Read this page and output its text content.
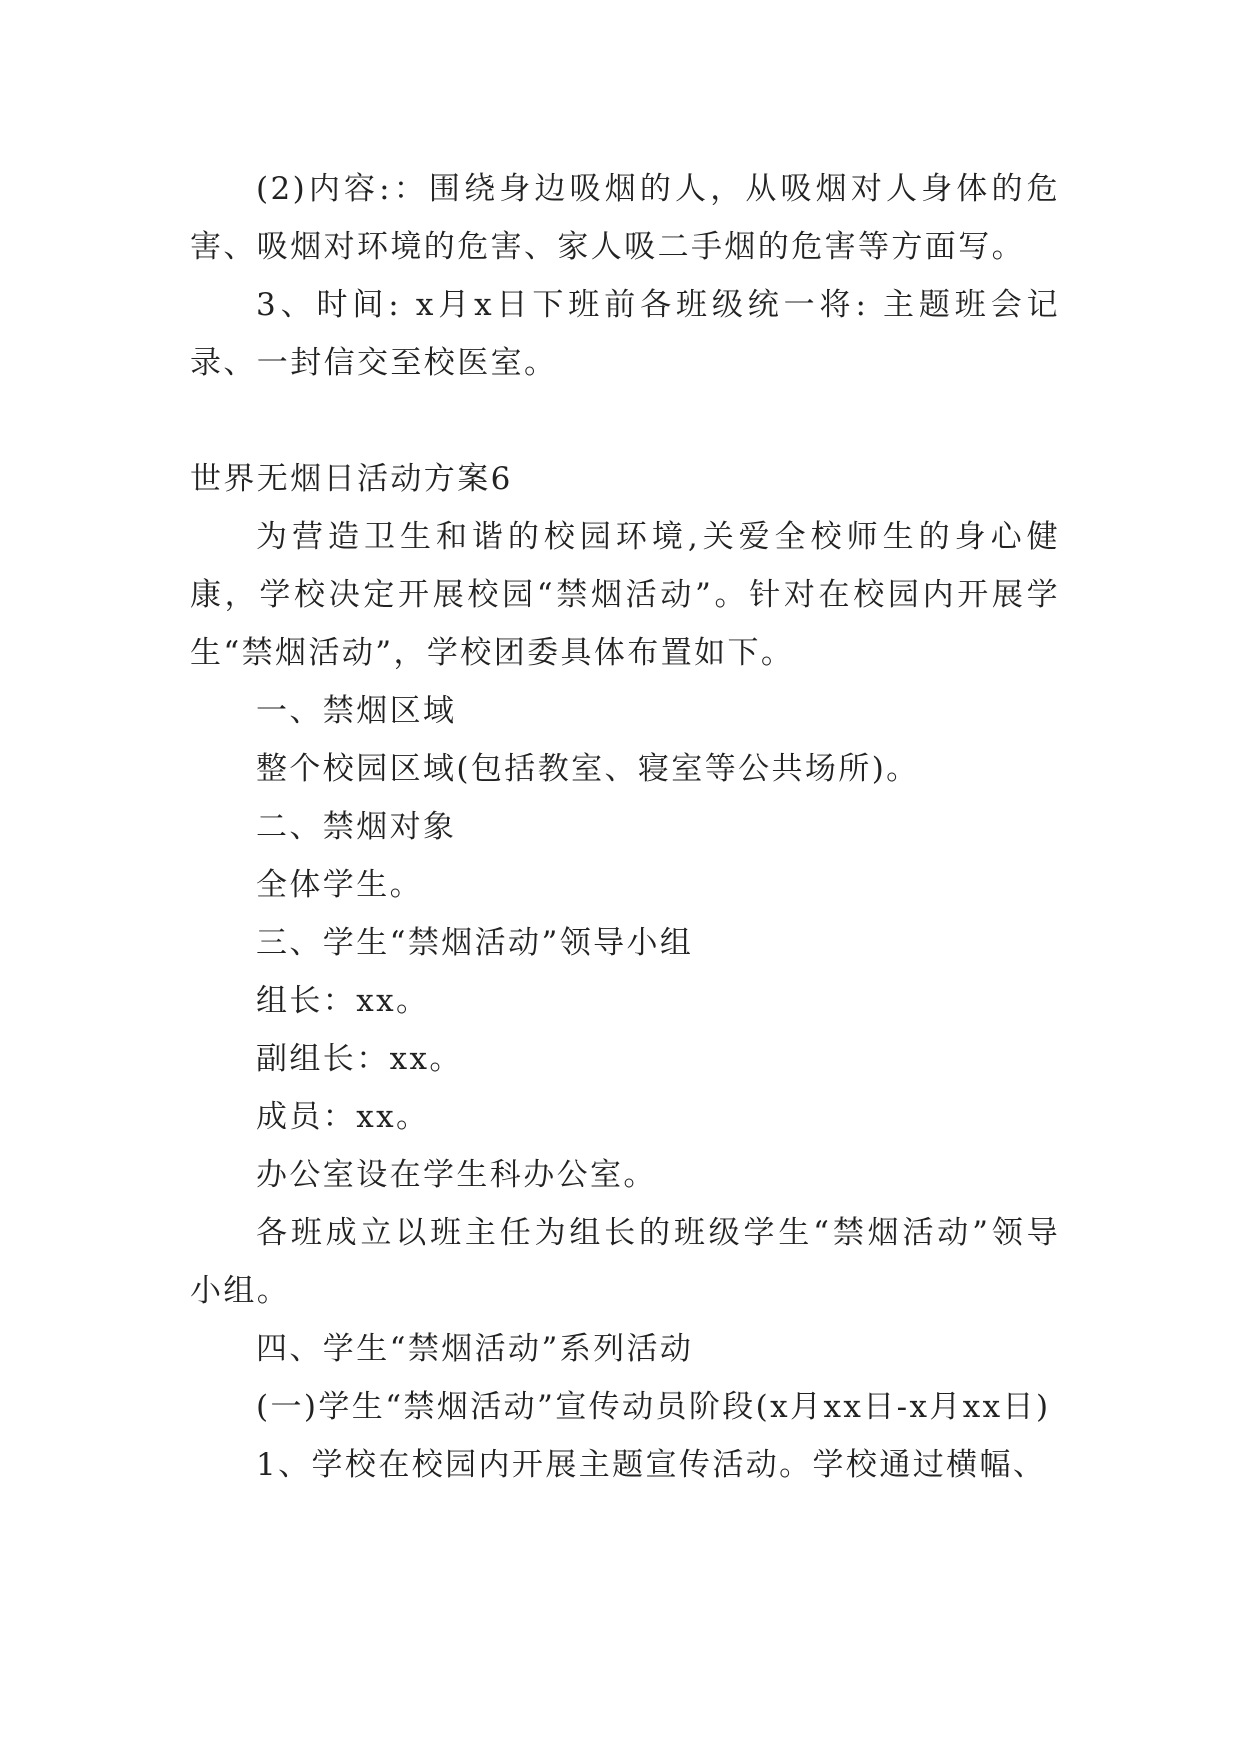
(2)内容:：围绕身边吸烟的人，从吸烟对人身体的危害、吸烟对环境的危害、家人吸二手烟的危害等方面写。

3、时间: x月x日下班前各班级统一将: 主题班会记录、一封信交至校医室。

世界无烟日活动方案6

为营造卫生和谐的校园环境,关爱全校师生的身心健康，学校决定开展校园“禁烟活动”。针对在校园内开展学生“禁烟活动”，学校团委具体布置如下。

一、禁烟区域

整个校园区域(包括教室、寝室等公共场所)。

二、禁烟对象

全体学生。

三、学生“禁烟活动”领导小组

组长：xx。

副组长：xx。

成员：xx。

办公室设在学生科办公室。

各班成立以班主任为组长的班级学生“禁烟活动”领导小组。

四、学生“禁烟活动”系列活动

(一)学生“禁烟活动”宣传动员阶段(x月xx日-x月xx日)

1、学校在校园内开展主题宣传活动。学校通过横幅、
